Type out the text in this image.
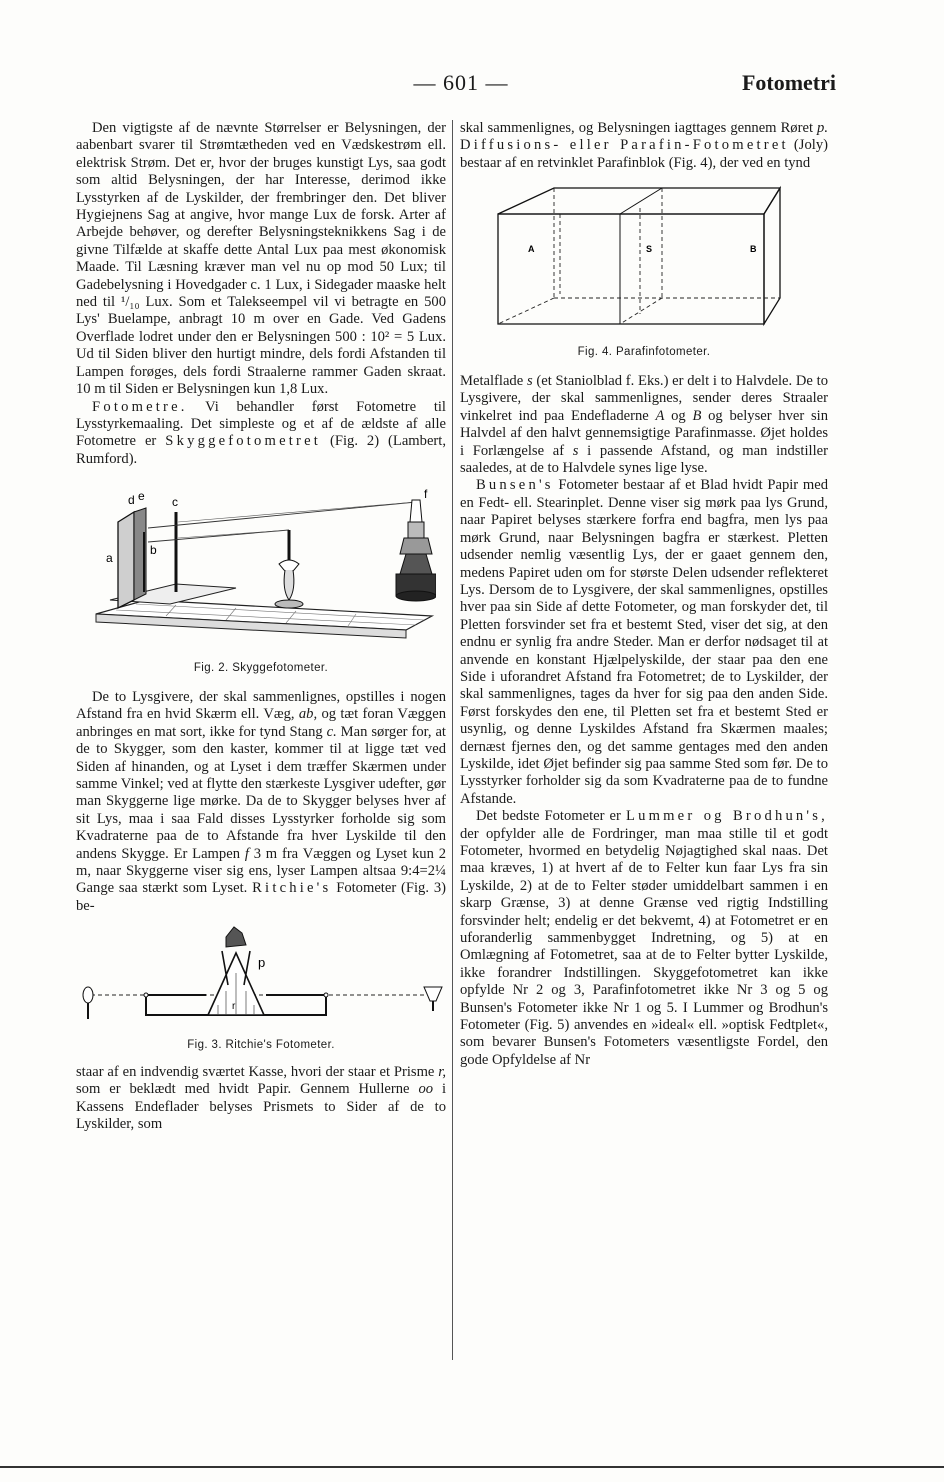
— 601 —	Fotometri

Den vigtigste af de nævnte Størrelser er Belysningen, der aabenbart svarer til Strømtætheden ved en Vædskestrøm ell. elektrisk Strøm. Det er, hvor der bruges kunstigt Lys, saa godt som altid Belysningen, der har Interesse, derimod ikke Lysstyrken af de Lyskilder, der frembringer den. Det bliver Hygiejnens Sag at angive, hvor mange Lux de forsk. Arter af Arbejde behøver, og derefter Belysningsteknikkens Sag i de givne Tilfælde at skaffe dette Antal Lux paa mest økonomisk Maade. Til Læsning kræver man vel nu op mod 50 Lux; til Gadebelysning i Hovedgader c. 1 Lux, i Sidegader maaske helt ned til ¹/₁₀ Lux. Som et Talekseempel vil vi betragte en 500 Lys' Buelampe, anbragt 10 m over en Gade. Ved Gadens Overflade lodret under den er Belysningen 500 : 10² = 5 Lux. Ud til Siden bliver den hurtigt mindre, dels fordi Afstanden til Lampen forøges, dels fordi Straalerne rammer Gaden skraat. 10 m til Siden er Belysningen kun 1,8 Lux.

Fotometre. Vi behandler først Fotometre til Lysstyrkemaaling. Det simpleste og et af de ældste af alle Fotometre er Skyggefotometret (Fig. 2) (Lambert, Rumford).

a
b
d e c
f
Fig. 2. Skyggefotometer.

De to Lysgivere, der skal sammenlignes, opstilles i nogen Afstand fra en hvid Skærm ell. Væg, ab, og tæt foran Væggen anbringes en mat sort, ikke for tynd Stang c. Man sørger for, at de to Skygger, som den kaster, kommer til at ligge tæt ved Siden af hinanden, og at Lyset i dem træffer Skærmen under samme Vinkel; ved at flytte den stærkeste Lysgiver udefter, gør man Skyggerne lige mørke. Da de to Skygger belyses hver af sit Lys, maa i saa Fald disses Lysstyrker forholde sig som Kvadraterne paa de to Afstande fra hver Lyskilde til den andens Skygge. Er Lampen f 3 m fra Væggen og Lyset kun 2 m, naar Skyggerne viser sig ens, lyser Lampen altsaa 9:4=2¼ Gange saa stærkt som Lyset. Ritchie's Fotometer (Fig. 3) be-

p
r
Fig. 3. Ritchie's Fotometer.

staar af en indvendig sværtet Kasse, hvori der staar et Prisme r, som er beklædt med hvidt Papir. Gennem Hullerne oo i Kassens Endeflader belyses Prismets to Sider af de to Lyskilder, som

skal sammenlignes, og Belysningen iagttages gennem Røret p. Diffusions- eller Parafin-Fotometret (Joly) bestaar af en retvinklet Parafinblok (Fig. 4), der ved en tynd

A	S	B
Fig. 4. Parafinfotometer.

Metalflade s (et Staniolblad f. Eks.) er delt i to Halvdele. De to Lysgivere, der skal sammenlignes, sender deres Straaler vinkelret ind paa Endefladerne A og B og belyser hver sin Halvdel af den halvt gennemsigtige Parafinmasse. Øjet holdes i Forlængelse af s i passende Afstand, og man indstiller saaledes, at de to Halvdele synes lige lyse.

Bunsen's Fotometer bestaar af et Blad hvidt Papir med en Fedt- ell. Stearinplet. Denne viser sig mørk paa lys Grund, naar Papiret belyses stærkere forfra end bagfra, men lys paa mørk Grund, naar Belysningen bagfra er stærkest. Pletten udsender nemlig væsentlig Lys, der er gaaet gennem den, medens Papiret uden om for største Delen udsender reflekteret Lys. Dersom de to Lysgivere, der skal sammenlignes, opstilles hver paa sin Side af dette Fotometer, og man forskyder det, til Pletten forsvinder set fra et bestemt Sted, viser det sig, at den endnu er synlig fra andre Steder. Man er derfor nødsaget til at anvende en konstant Hjælpelyskilde, der staar paa den ene Side i uforandret Afstand fra Fotometret; de to Lyskilder, der skal sammenlignes, tages da hver for sig paa den anden Side. Først forskydes den ene, til Pletten set fra et bestemt Sted er usynlig, og denne Lyskildes Afstand fra Skærmen maales; dernæst fjernes den, og det samme gentages med den anden Lyskilde, idet Øjet befinder sig paa samme Sted som før. De to Lysstyrker forholder sig da som Kvadraterne paa de to fundne Afstande.

Det bedste Fotometer er Lummer og Brodhun's, der opfylder alle de Fordringer, man maa stille til et godt Fotometer, hvormed en betydelig Nøjagtighed skal naas. Det maa kræves, 1) at hvert af de to Felter kun faar Lys fra sin Lyskilde, 2) at de to Felter støder umiddelbart sammen i en skarp Grænse, 3) at denne Grænse ved rigtig Indstilling forsvinder helt; endelig er det bekvemt, 4) at Fotometret er en uforanderlig sammenbygget Indretning, og 5) at en Omlægning af Fotometret, saa at de to Felter bytter Lyskilde, ikke forandrer Indstillingen. Skyggefotometret kan ikke opfylde Nr 2 og 3, Parafinfotometret ikke Nr 3 og 5 og Bunsen's Fotometer ikke Nr 1 og 5. I Lummer og Brodhun's Fotometer (Fig. 5) anvendes en »ideal« ell. »optisk Fedtplet«, som bevarer Bunsen's Fotometers væsentligste Fordel, den gode Opfyldelse af Nr
